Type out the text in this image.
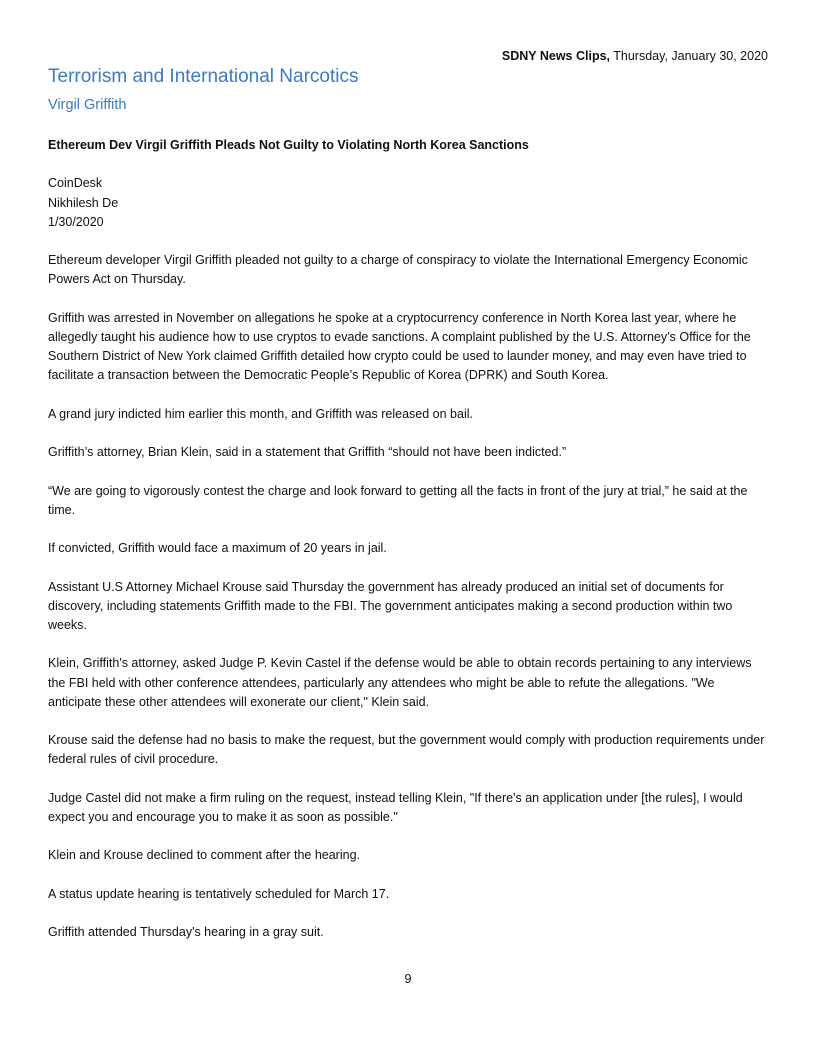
SDNY News Clips, Thursday, January 30, 2020
Terrorism and International Narcotics
Virgil Griffith
Ethereum Dev Virgil Griffith Pleads Not Guilty to Violating North Korea Sanctions
CoinDesk
Nikhilesh De
1/30/2020

Ethereum developer Virgil Griffith pleaded not guilty to a charge of conspiracy to violate the International Emergency Economic Powers Act on Thursday.

Griffith was arrested in November on allegations he spoke at a cryptocurrency conference in North Korea last year, where he allegedly taught his audience how to use cryptos to evade sanctions. A complaint published by the U.S. Attorney’s Office for the Southern District of New York claimed Griffith detailed how crypto could be used to launder money, and may even have tried to facilitate a transaction between the Democratic People’s Republic of Korea (DPRK) and South Korea.

A grand jury indicted him earlier this month, and Griffith was released on bail.

Griffith’s attorney, Brian Klein, said in a statement that Griffith “should not have been indicted.”

“We are going to vigorously contest the charge and look forward to getting all the facts in front of the jury at trial,” he said at the time.

If convicted, Griffith would face a maximum of 20 years in jail.

Assistant U.S Attorney Michael Krouse said Thursday the government has already produced an initial set of documents for discovery, including statements Griffith made to the FBI. The government anticipates making a second production within two weeks.

Klein, Griffith's attorney, asked Judge P. Kevin Castel if the defense would be able to obtain records pertaining to any interviews the FBI held with other conference attendees, particularly any attendees who might be able to refute the allegations. "We anticipate these other attendees will exonerate our client," Klein said.

Krouse said the defense had no basis to make the request, but the government would comply with production requirements under federal rules of civil procedure.

Judge Castel did not make a firm ruling on the request, instead telling Klein, "If there's an application under [the rules], I would expect you and encourage you to make it as soon as possible."

Klein and Krouse declined to comment after the hearing.

A status update hearing is tentatively scheduled for March 17.

Griffith attended Thursday's hearing in a gray suit.

9
